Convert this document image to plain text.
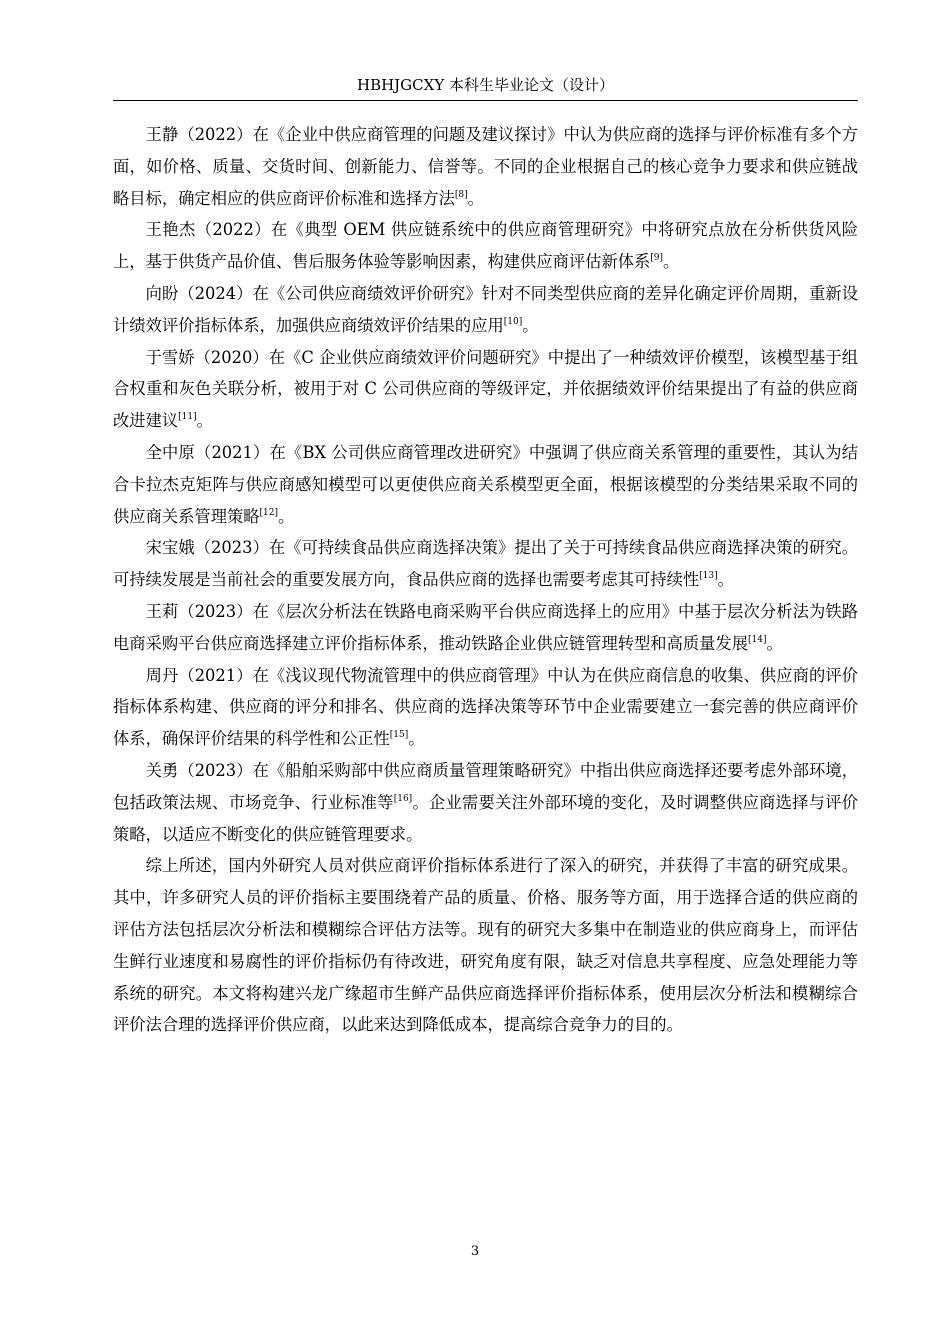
HBHJGCXY 本科生毕业论文（设计）

王静（2022）在《企业中供应商管理的问题及建议探讨》中认为供应商的选择与评价标准有多个方面，如价格、质量、交货时间、创新能力、信誉等。不同的企业根据自己的核心竞争力要求和供应链战略目标，确定相应的供应商评价标准和选择方法[8]。

王艳杰（2022）在《典型 OEM 供应链系统中的供应商管理研究》中将研究点放在分析供货风险上，基于供货产品价值、售后服务体验等影响因素，构建供应商评估新体系[9]。

向盼（2024）在《公司供应商绩效评价研究》针对不同类型供应商的差异化确定评价周期，重新设计绩效评价指标体系，加强供应商绩效评价结果的应用[10]。

于雪娇（2020）在《C 企业供应商绩效评价问题研究》中提出了一种绩效评价模型，该模型基于组合权重和灰色关联分析，被用于对 C 公司供应商的等级评定，并依据绩效评价结果提出了有益的供应商改进建议[11]。

全中原（2021）在《BX 公司供应商管理改进研究》中强调了供应商关系管理的重要性，其认为结合卡拉杰克矩阵与供应商感知模型可以更使供应商关系模型更全面，根据该模型的分类结果采取不同的供应商关系管理策略[12]。

宋宝娥（2023）在《可持续食品供应商选择决策》提出了关于可持续食品供应商选择决策的研究。可持续发展是当前社会的重要发展方向，食品供应商的选择也需要考虑其可持续性[13]。

王莉（2023）在《层次分析法在铁路电商采购平台供应商选择上的应用》中基于层次分析法为铁路电商采购平台供应商选择建立评价指标体系，推动铁路企业供应链管理转型和高质量发展[14]。

周丹（2021）在《浅议现代物流管理中的供应商管理》中认为在供应商信息的收集、供应商的评价指标体系构建、供应商的评分和排名、供应商的选择决策等环节中企业需要建立一套完善的供应商评价体系，确保评价结果的科学性和公正性[15]。

关勇（2023）在《船舶采购部中供应商质量管理策略研究》中指出供应商选择还要考虑外部环境，包括政策法规、市场竞争、行业标准等[16]。企业需要关注外部环境的变化，及时调整供应商选择与评价策略，以适应不断变化的供应链管理要求。

综上所述，国内外研究人员对供应商评价指标体系进行了深入的研究，并获得了丰富的研究成果。其中，许多研究人员的评价指标主要围绕着产品的质量、价格、服务等方面，用于选择合适的供应商的评估方法包括层次分析法和模糊综合评估方法等。现有的研究大多集中在制造业的供应商身上，而评估生鲜行业速度和易腐性的评价指标仍有待改进，研究角度有限，缺乏对信息共享程度、应急处理能力等系统的研究。本文将构建兴龙广缘超市生鲜产品供应商选择评价指标体系，使用层次分析法和模糊综合评价法合理的选择评价供应商，以此来达到降低成本，提高综合竞争力的目的。

3
